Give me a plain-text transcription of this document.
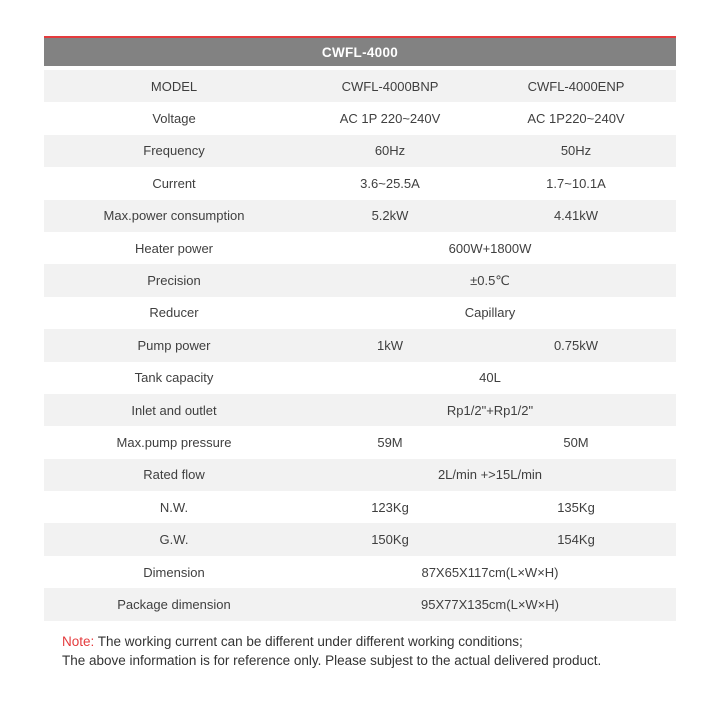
CWFL-4000
MODEL	CWFL-4000BNP	CWFL-4000ENP
Voltage	AC 1P 220~240V	AC 1P220~240V
Frequency	60Hz	50Hz
Current	3.6~25.5A	1.7~10.1A
Max.power consumption	5.2kW	4.41kW
Heater power	600W+1800W
Precision	±0.5℃
Reducer	Capillary
Pump power	1kW	0.75kW
Tank capacity	40L
Inlet and outlet	Rp1/2"+Rp1/2"
Max.pump pressure	59M	50M
Rated flow	2L/min +>15L/min
N.W.	123Kg	135Kg
G.W.	150Kg	154Kg
Dimension	87X65X117cm(L×W×H)
Package dimension	95X77X135cm(L×W×H)
Note: The working current can be different under different working conditions;
The above information is for reference only. Please subjest to the actual delivered product.
